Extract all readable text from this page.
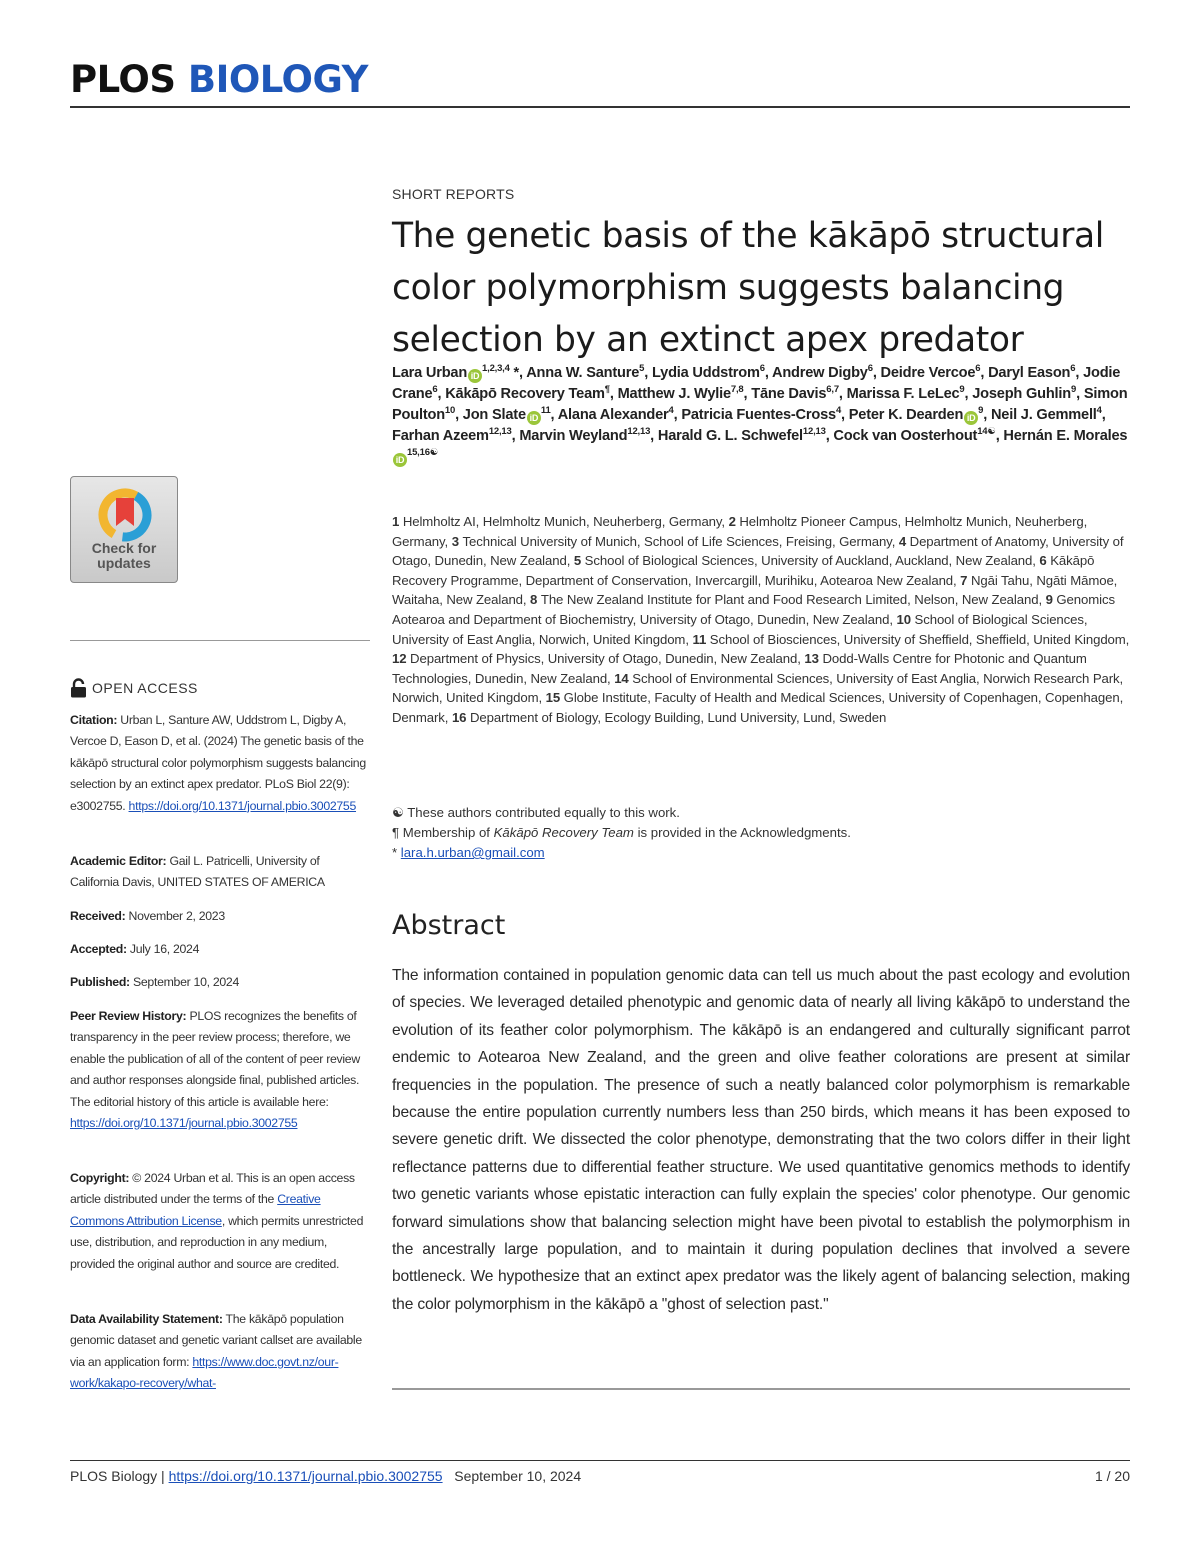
PLOS BIOLOGY
SHORT REPORTS
The genetic basis of the kākāpō structural color polymorphism suggests balancing selection by an extinct apex predator
Lara Urban iD$^{1,2,3,4}$ *, Anna W. Santure$^5$, Lydia Uddstrom$^6$, Andrew Digby$^6$, Deidre Vercoe$^6$, Daryl Eason$^6$, Jodie Crane$^6$, Kākāpō Recovery Team¶, Matthew J. Wylie$^{7,8}$, Tāne Davis$^{6,7}$, Marissa F. LeLec$^9$, Joseph Guhlin$^9$, Simon Poulton$^{10}$, Jon Slate $iD^{11}$, Alana Alexander$^4$, Patricia Fuentes-Cross$^4$, Peter K. Dearden $iD^9$, Neil J. Gemmell$^4$, Farhan Azeem$^{12,13}$, Marvin Weyland$^{12,13}$, Harald G. L. Schwefel$^{12,13}$, Cock van Oosterhout$^{14☯}$, Hernán E. MoralesiD$^{15,16☯}$
1 Helmholtz AI, Helmholtz Munich, Neuherberg, Germany, 2 Helmholtz Pioneer Campus, Helmholtz Munich, Neuherberg, Germany, 3 Technical University of Munich, School of Life Sciences, Freising, Germany, 4 Department of Anatomy, University of Otago, Dunedin, New Zealand, 5 School of Biological Sciences, University of Auckland, Auckland, New Zealand, 6 Kākāpō Recovery Programme, Department of Conservation, Invercargill, Murihiku, Aotearoa New Zealand, 7 Ngāi Tahu, Ngāti Māmoe, Waitaha, New Zealand, 8 The New Zealand Institute for Plant and Food Research Limited, Nelson, New Zealand, 9 Genomics Aotearoa and Department of Biochemistry, University of Otago, Dunedin, New Zealand, 10 School of Biological Sciences, University of East Anglia, Norwich, United Kingdom, 11 School of Biosciences, University of Sheffield, Sheffield, United Kingdom, 12 Department of Physics, University of Otago, Dunedin, New Zealand, 13 Dodd-Walls Centre for Photonic and Quantum Technologies, Dunedin, New Zealand, 14 School of Environmental Sciences, University of East Anglia, Norwich Research Park, Norwich, United Kingdom, 15 Globe Institute, Faculty of Health and Medical Sciences, University of Copenhagen, Copenhagen, Denmark, 16 Department of Biology, Ecology Building, Lund University, Lund, Sweden
☯ These authors contributed equally to this work.
¶ Membership of Kākāpō Recovery Team is provided in the Acknowledgments.
* lara.h.urban@gmail.com
Abstract
The information contained in population genomic data can tell us much about the past ecology and evolution of species. We leveraged detailed phenotypic and genomic data of nearly all living kākāpō to understand the evolution of its feather color polymorphism. The kākāpō is an endangered and culturally significant parrot endemic to Aotearoa New Zealand, and the green and olive feather colorations are present at similar frequencies in the population. The presence of such a neatly balanced color polymorphism is remarkable because the entire population currently numbers less than 250 birds, which means it has been exposed to severe genetic drift. We dissected the color phenotype, demonstrating that the two colors differ in their light reflectance patterns due to differential feather structure. We used quantitative genomics methods to identify two genetic variants whose epistatic interaction can fully explain the species' color phenotype. Our genomic forward simulations show that balancing selection might have been pivotal to establish the polymorphism in the ancestrally large population, and to maintain it during population declines that involved a severe bottleneck. We hypothesize that an extinct apex predator was the likely agent of balancing selection, making the color polymorphism in the kākāpō a "ghost of selection past."
Check for
updates
OPEN ACCESS
Citation: Urban L, Santure AW, Uddstrom L, Digby A, Vercoe D, Eason D, et al. (2024) The genetic basis of the kākāpō structural color polymorphism suggests balancing selection by an extinct apex predator. PLoS Biol 22(9): e3002755. https://doi.org/10.1371/journal.pbio.3002755
Academic Editor: Gail L. Patricelli, University of California Davis, UNITED STATES OF AMERICA
Received: November 2, 2023
Accepted: July 16, 2024
Published: September 10, 2024
Peer Review History: PLOS recognizes the benefits of transparency in the peer review process; therefore, we enable the publication of all of the content of peer review and author responses alongside final, published articles. The editorial history of this article is available here: https://doi.org/10.1371/journal.pbio.3002755
Copyright: © 2024 Urban et al. This is an open access article distributed under the terms of the Creative Commons Attribution License, which permits unrestricted use, distribution, and reproduction in any medium, provided the original author and source are credited.
Data Availability Statement: The kākāpō population genomic dataset and genetic variant callset are available via an application form: https://www.doc.govt.nz/our-work/kakapo-recovery/what-
PLOS Biology | https://doi.org/10.1371/journal.pbio.3002755   September 10, 2024	1 / 20
